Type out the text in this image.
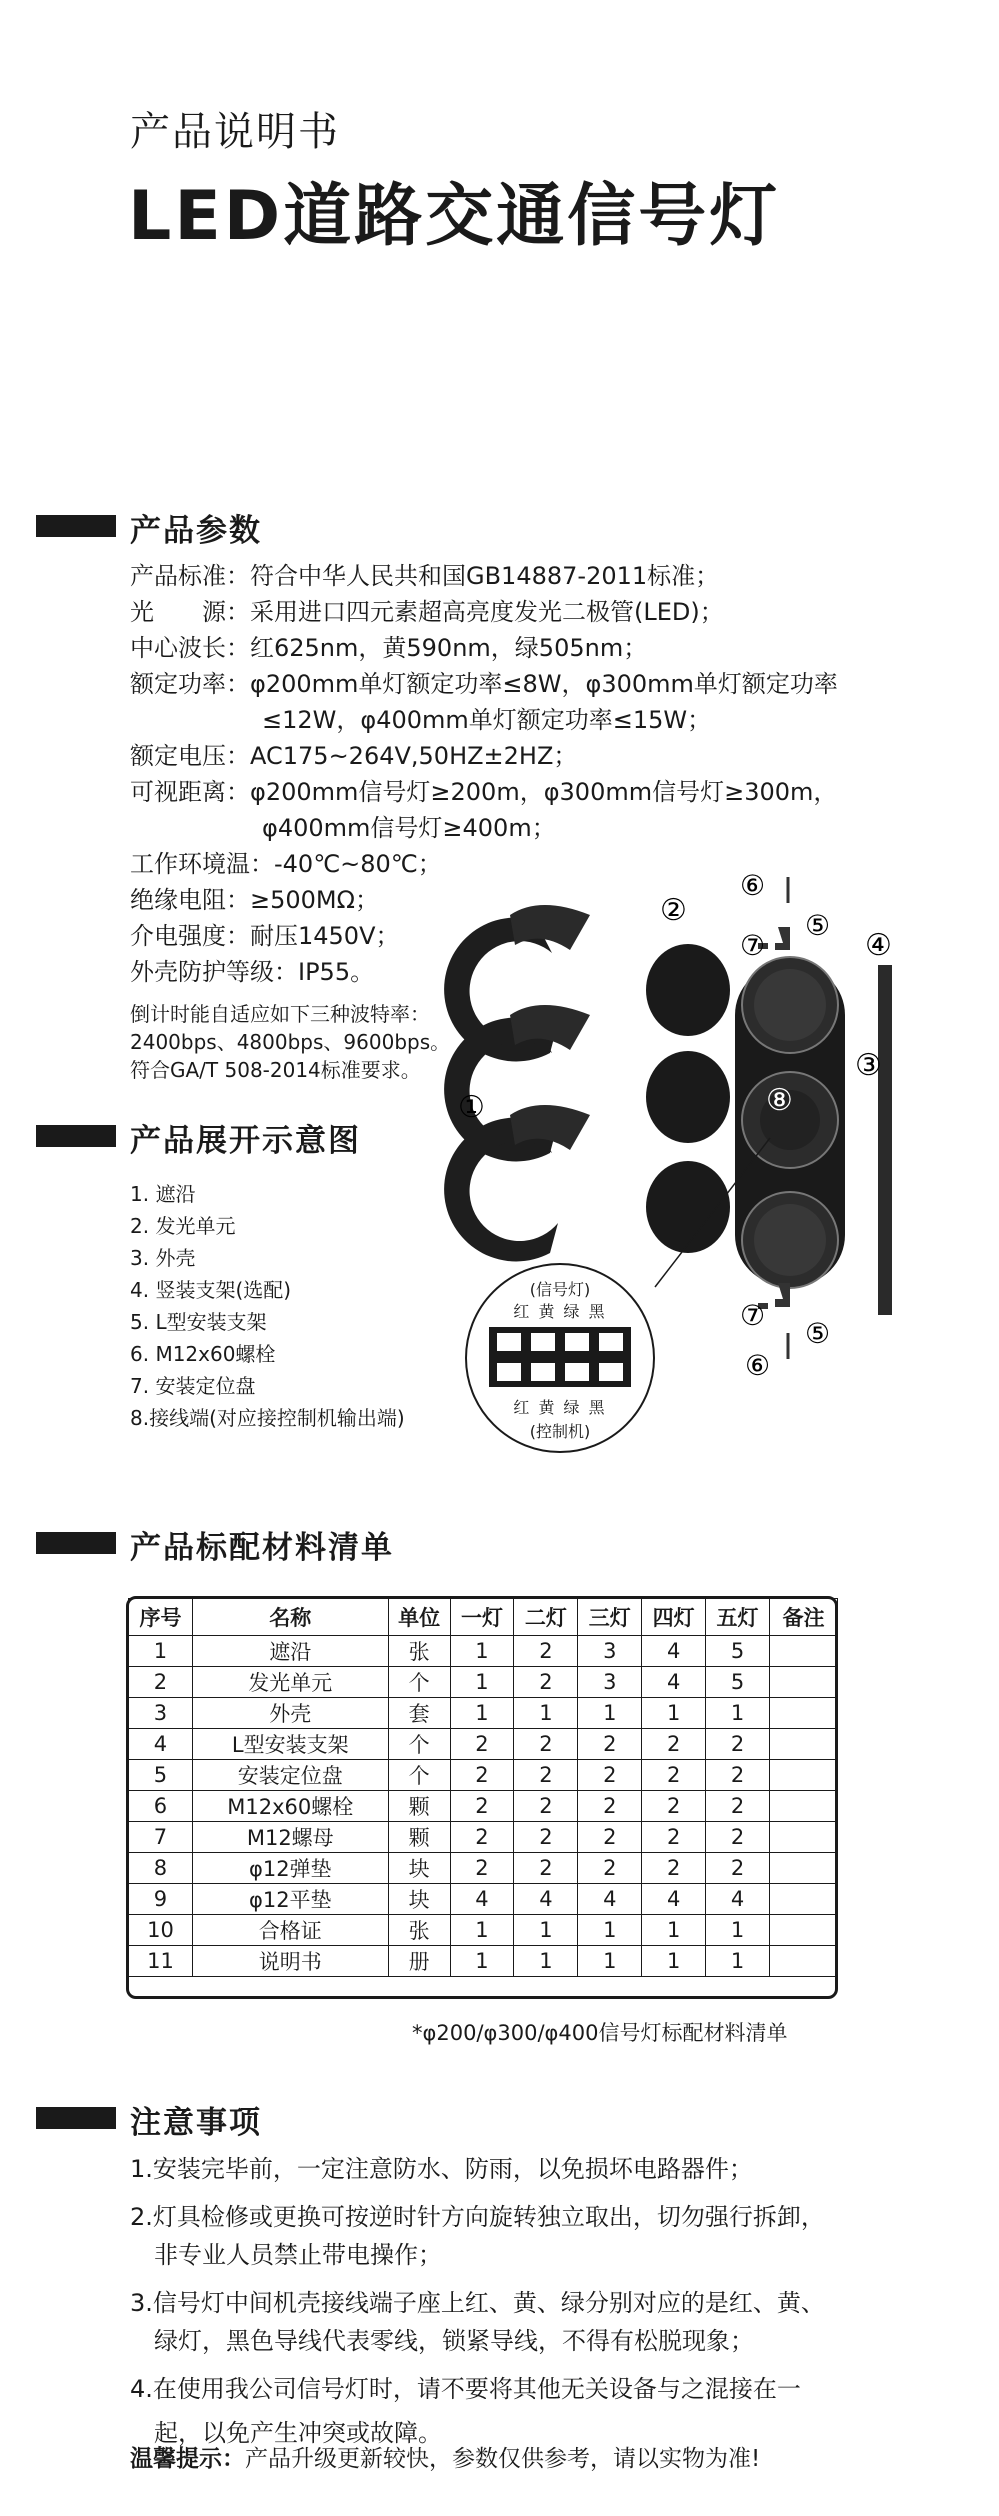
产品说明书
LED道路交通信号灯
产品参数
产品标准：符合中华人民共和国GB14887-2011标准；
光　　源：采用进口四元素超高亮度发光二极管(LED)；
中心波长：红625nm，黄590nm，绿505nm；
额定功率：φ200mm单灯额定功率≤8W，φ300mm单灯额定功率
≤12W，φ400mm单灯额定功率≤15W；
额定电压：AC175~264V,50HZ±2HZ；
可视距离：φ200mm信号灯≥200m，φ300mm信号灯≥300m，
φ400mm信号灯≥400m；
工作环境温：-40℃~80℃；
绝缘电阻：≥500MΩ；
介电强度：耐压1450V；
外壳防护等级：IP55。
倒计时能自适应如下三种波特率：
2400bps、4800bps、9600bps。
符合GA/T 508-2014标准要求。
产品展开示意图
1. 遮沿
2. 发光单元
3. 外壳
4. 竖装支架(选配)
5. L型安装支架
6. M12x60螺栓
7. 安装定位盘
8.接线端(对应接控制机输出端)
①
②
③
④
⑤
⑤
⑥
⑥
⑦
⑦
⑧
(信号灯)
红 黄 绿 黑
红 黄 绿 黑
(控制机)
产品标配材料清单
序号	名称	单位	一灯	二灯	三灯	四灯	五灯	备注
1	遮沿	张	1	2	3	4	5	
2	发光单元	个	1	2	3	4	5	
3	外壳	套	1	1	1	1	1	
4	L型安装支架	个	2	2	2	2	2	
5	安装定位盘	个	2	2	2	2	2	
6	M12x60螺栓	颗	2	2	2	2	2	
7	M12螺母	颗	2	2	2	2	2	
8	φ12弹垫	块	2	2	2	2	2	
9	φ12平垫	块	4	4	4	4	4	
10	合格证	张	1	1	1	1	1	
11	说明书	册	1	1	1	1	1	
*φ200/φ300/φ400信号灯标配材料清单
注意事项
1.安装完毕前，一定注意防水、防雨，以免损坏电路器件；
2.灯具检修或更换可按逆时针方向旋转独立取出，切勿强行拆卸，
　非专业人员禁止带电操作；
3.信号灯中间机壳接线端子座上红、黄、绿分别对应的是红、黄、
　绿灯，黑色导线代表零线，锁紧导线，不得有松脱现象；
4.在使用我公司信号灯时，请不要将其他无关设备与之混接在一
　起，以免产生冲突或故障。
温馨提示：产品升级更新较快，参数仅供参考，请以实物为准!
